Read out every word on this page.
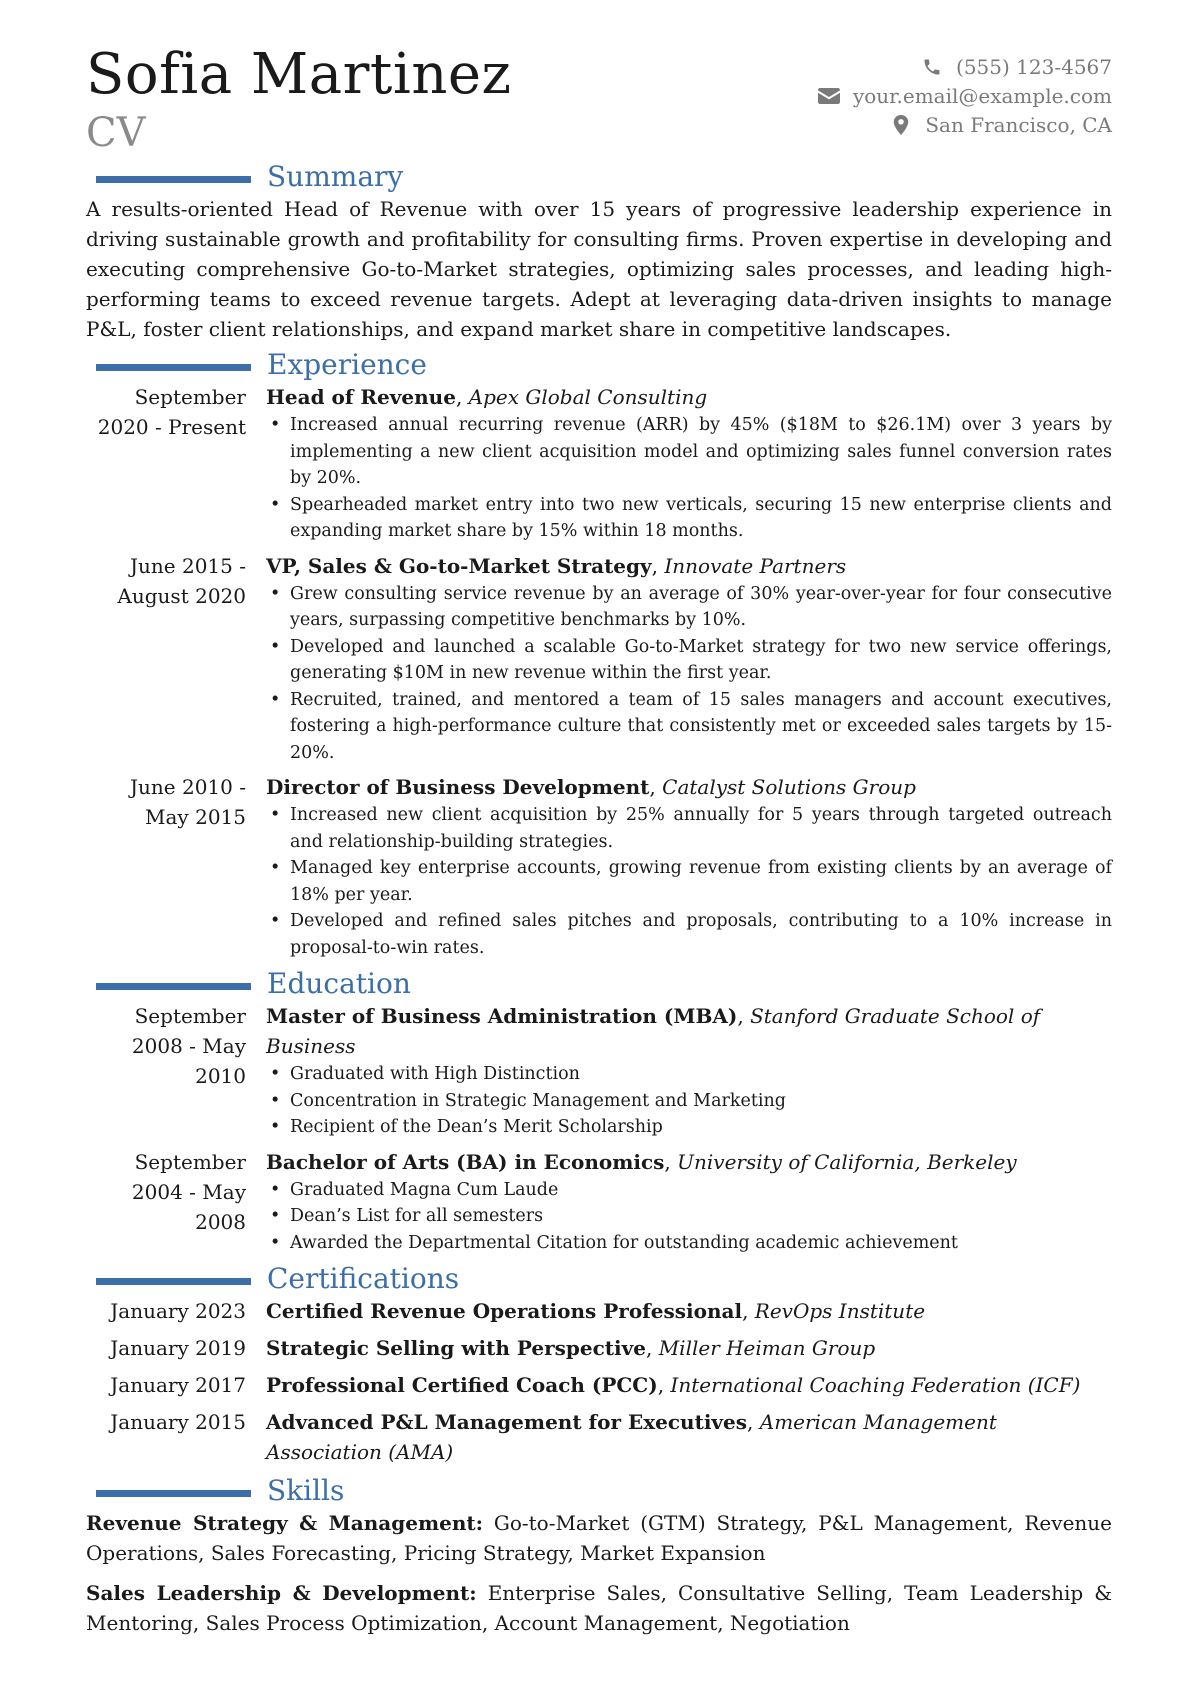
Sofia Martinez
CV
(555) 123-4567
your.email@example.com
San Francisco, CA
Summary

A results-oriented Head of Revenue with over 15 years of progressive leadership experience in driving sustainable growth and profitability for consulting firms. Proven expertise in developing and executing comprehensive Go-to-Market strategies, optimizing sales processes, and leading high-performing teams to exceed revenue targets. Adept at leveraging data-driven insights to manage P&L, foster client relationships, and expand market share in competitive landscapes.

Experience
September 2020 - Present
Head of Revenue, Apex Global Consulting
• Increased annual recurring revenue (ARR) by 45% ($18M to $26.1M) over 3 years by implementing a new client acquisition model and optimizing sales funnel conversion rates by 20%.
• Spearheaded market entry into two new verticals, securing 15 new enterprise clients and expanding market share by 15% within 18 months.
June 2015 - August 2020
VP, Sales & Go-to-Market Strategy, Innovate Partners
• Grew consulting service revenue by an average of 30% year-over-year for four consecutive years, surpassing competitive benchmarks by 10%.
• Developed and launched a scalable Go-to-Market strategy for two new service offerings, generating $10M in new revenue within the first year.
• Recruited, trained, and mentored a team of 15 sales managers and account executives, fostering a high-performance culture that consistently met or exceeded sales targets by 15-20%.
June 2010 - May 2015
Director of Business Development, Catalyst Solutions Group
• Increased new client acquisition by 25% annually for 5 years through targeted outreach and relationship-building strategies.
• Managed key enterprise accounts, growing revenue from existing clients by an average of 18% per year.
• Developed and refined sales pitches and proposals, contributing to a 10% increase in proposal-to-win rates.
Education
September 2008 - May 2010
Master of Business Administration (MBA), Stanford Graduate School of Business
• Graduated with High Distinction
• Concentration in Strategic Management and Marketing
• Recipient of the Dean’s Merit Scholarship
September 2004 - May 2008
Bachelor of Arts (BA) in Economics, University of California, Berkeley
• Graduated Magna Cum Laude
• Dean’s List for all semesters
• Awarded the Departmental Citation for outstanding academic achievement
Certifications
January 2023 Certified Revenue Operations Professional, RevOps Institute
January 2019 Strategic Selling with Perspective, Miller Heiman Group
January 2017 Professional Certified Coach (PCC), International Coaching Federation (ICF)
January 2015 Advanced P&L Management for Executives, American Management Association (AMA)
Skills
Revenue Strategy & Management: Go-to-Market (GTM) Strategy, P&L Management, Revenue Operations, Sales Forecasting, Pricing Strategy, Market Expansion
Sales Leadership & Development: Enterprise Sales, Consultative Selling, Team Leadership & Mentoring, Sales Process Optimization, Account Management, Negotiation
